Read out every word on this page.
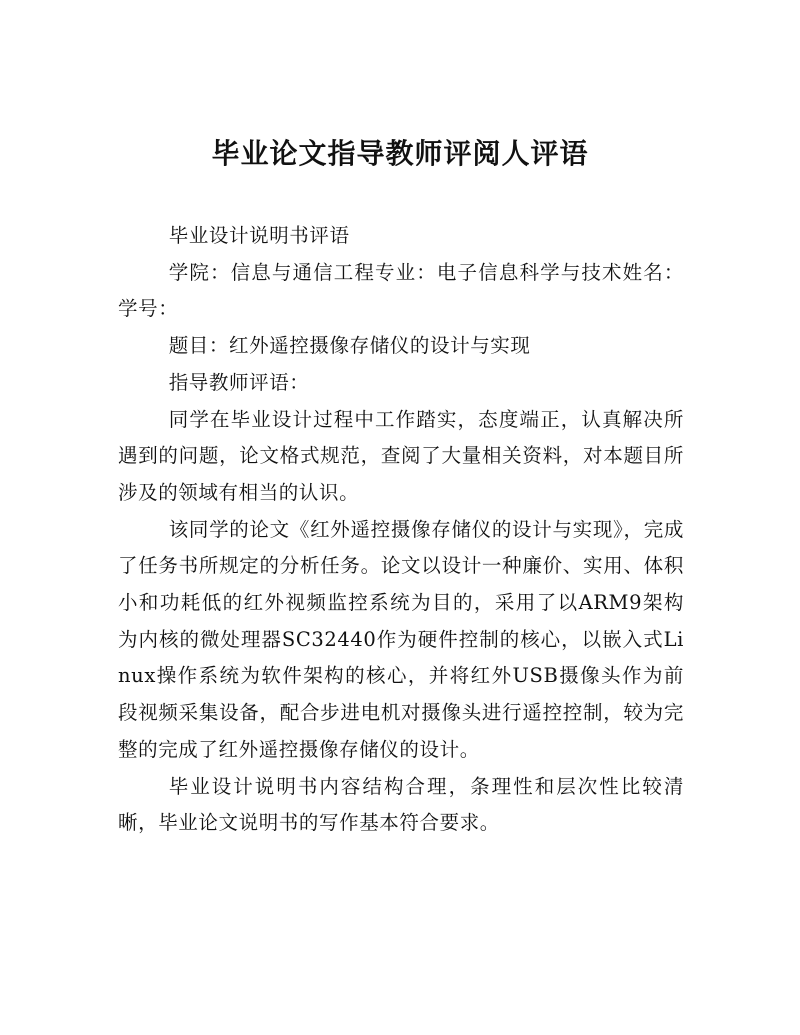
毕业论文指导教师评阅人评语

毕业设计说明书评语

学院：信息与通信工程专业：电子信息科学与技术姓名：学号：

题目：红外遥控摄像存储仪的设计与实现

指导教师评语：

同学在毕业设计过程中工作踏实，态度端正，认真解决所遇到的问题，论文格式规范，查阅了大量相关资料，对本题目所涉及的领域有相当的认识。

该同学的论文《红外遥控摄像存储仪的设计与实现》，完成了任务书所规定的分析任务。论文以设计一种廉价、实用、体积小和功耗低的红外视频监控系统为目的，采用了以ARM9架构为内核的微处理器SC32440作为硬件控制的核心，以嵌入式Linux操作系统为软件架构的核心，并将红外USB摄像头作为前段视频采集设备，配合步进电机对摄像头进行遥控控制，较为完整的完成了红外遥控摄像存储仪的设计。

毕业设计说明书内容结构合理，条理性和层次性比较清晰，毕业论文说明书的写作基本符合要求。
